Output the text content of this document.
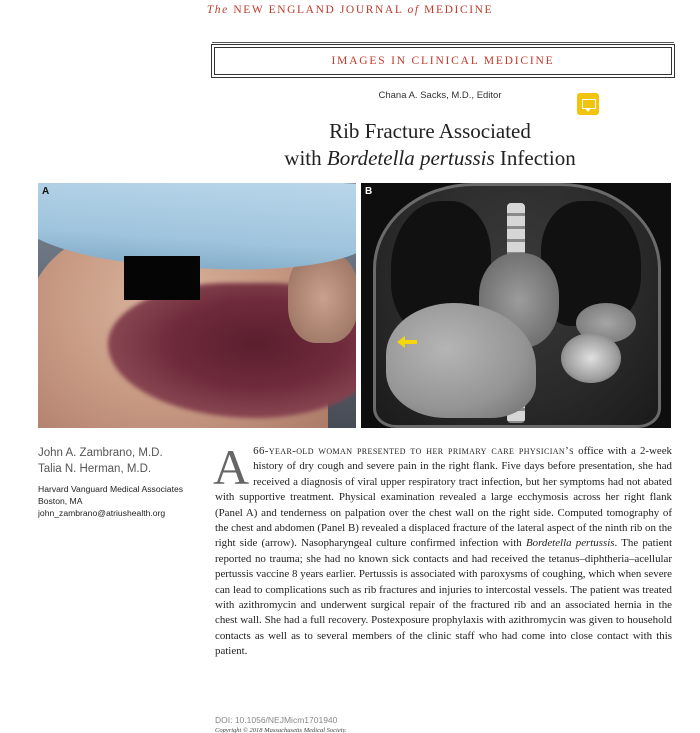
The NEW ENGLAND JOURNAL of MEDICINE
IMAGES IN CLINICAL MEDICINE
Chana A. Sacks, M.D., Editor
Rib Fracture Associated
with Bordetella pertussis Infection
A	B
John A. Zambrano, M.D.
Talia N. Herman, M.D.
Harvard Vanguard Medical Associates
Boston, MA
john_zambrano@atriushealth.org
A 66-year-old woman presented to her primary care physician’s office with a 2-week history of dry cough and severe pain in the right flank. Five days before presentation, she had received a diagnosis of viral upper respiratory tract infection, but her symptoms had not abated with supportive treatment. Physical examination revealed a large ecchymosis across her right flank (Panel A) and tenderness on palpation over the chest wall on the right side. Computed tomography of the chest and abdomen (Panel B) revealed a displaced fracture of the lateral aspect of the ninth rib on the right side (arrow). Nasopharyngeal culture confirmed infection with Bordetella pertussis. The patient reported no trauma; she had no known sick contacts and had received the tetanus–diphtheria–acellular pertussis vaccine 8 years earlier. Pertussis is associated with paroxysms of coughing, which when severe can lead to complications such as rib fractures and injuries to intercostal vessels. The patient was treated with azithromycin and underwent surgical repair of the fractured rib and an associated hernia in the chest wall. She had a full recovery. Postexposure prophylaxis with azithromycin was given to household contacts as well as to several members of the clinic staff who had come into close contact with this patient.
DOI: 10.1056/NEJMicm1701940
Copyright © 2018 Massachusetts Medical Society.
